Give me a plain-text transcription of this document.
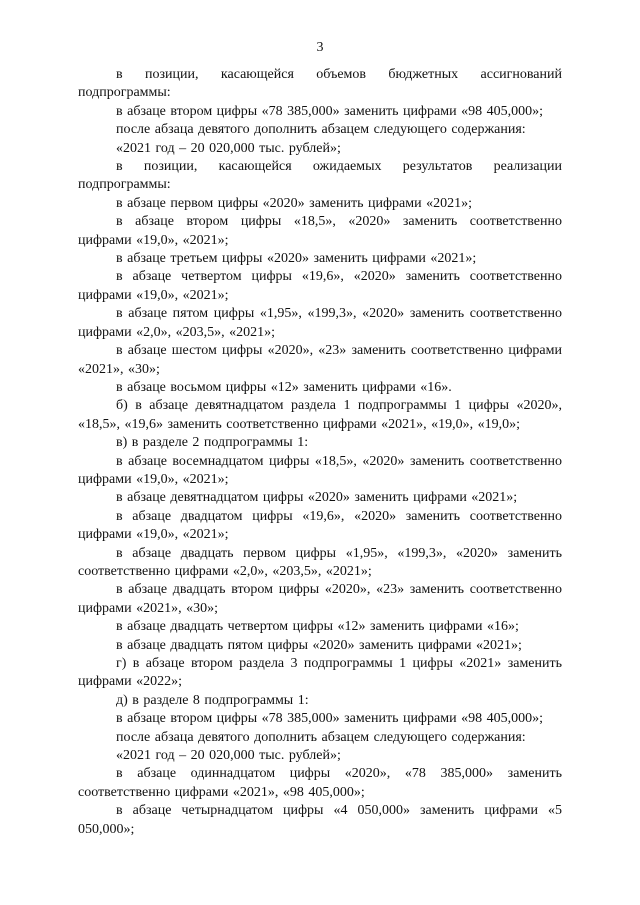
3

в позиции, касающейся объемов бюджетных ассигнований подпрограммы:

в абзаце втором цифры «78 385,000» заменить цифрами «98 405,000»;

после абзаца девятого дополнить абзацем следующего содержания:

«2021 год – 20 020,000 тыс. рублей»;

в позиции, касающейся ожидаемых результатов реализации подпрограммы:

в абзаце первом цифры «2020» заменить цифрами «2021»;

в абзаце втором цифры «18,5», «2020» заменить соответственно цифрами «19,0», «2021»;

в абзаце третьем цифры «2020» заменить цифрами «2021»;

в абзаце четвертом цифры «19,6», «2020» заменить соответственно цифрами «19,0», «2021»;

в абзаце пятом цифры «1,95», «199,3», «2020» заменить соответственно цифрами «2,0», «203,5», «2021»;

в абзаце шестом цифры «2020», «23» заменить соответственно цифрами «2021», «30»;

в абзаце восьмом цифры «12» заменить цифрами «16».

б) в абзаце девятнадцатом раздела 1 подпрограммы 1 цифры «2020», «18,5», «19,6» заменить соответственно цифрами «2021», «19,0», «19,0»;

в) в разделе 2 подпрограммы 1:

в абзаце восемнадцатом цифры «18,5», «2020» заменить соответственно цифрами «19,0», «2021»;

в абзаце девятнадцатом цифры «2020» заменить цифрами «2021»;

в абзаце двадцатом цифры «19,6», «2020» заменить соответственно цифрами «19,0», «2021»;

в абзаце двадцать первом цифры «1,95», «199,3», «2020» заменить соответственно цифрами «2,0», «203,5», «2021»;

в абзаце двадцать втором цифры «2020», «23» заменить соответственно цифрами «2021», «30»;

в абзаце двадцать четвертом цифры «12» заменить цифрами «16»;

в абзаце двадцать пятом цифры «2020» заменить цифрами «2021»;

г) в абзаце втором раздела 3 подпрограммы 1 цифры «2021» заменить цифрами «2022»;

д) в разделе 8 подпрограммы 1:

в абзаце втором цифры «78 385,000» заменить цифрами «98 405,000»;

после абзаца девятого дополнить абзацем следующего содержания:

«2021 год – 20 020,000 тыс. рублей»;

в абзаце одиннадцатом цифры «2020», «78 385,000» заменить соответственно цифрами «2021», «98 405,000»;

в абзаце четырнадцатом цифры «4 050,000» заменить цифрами «5 050,000»;
